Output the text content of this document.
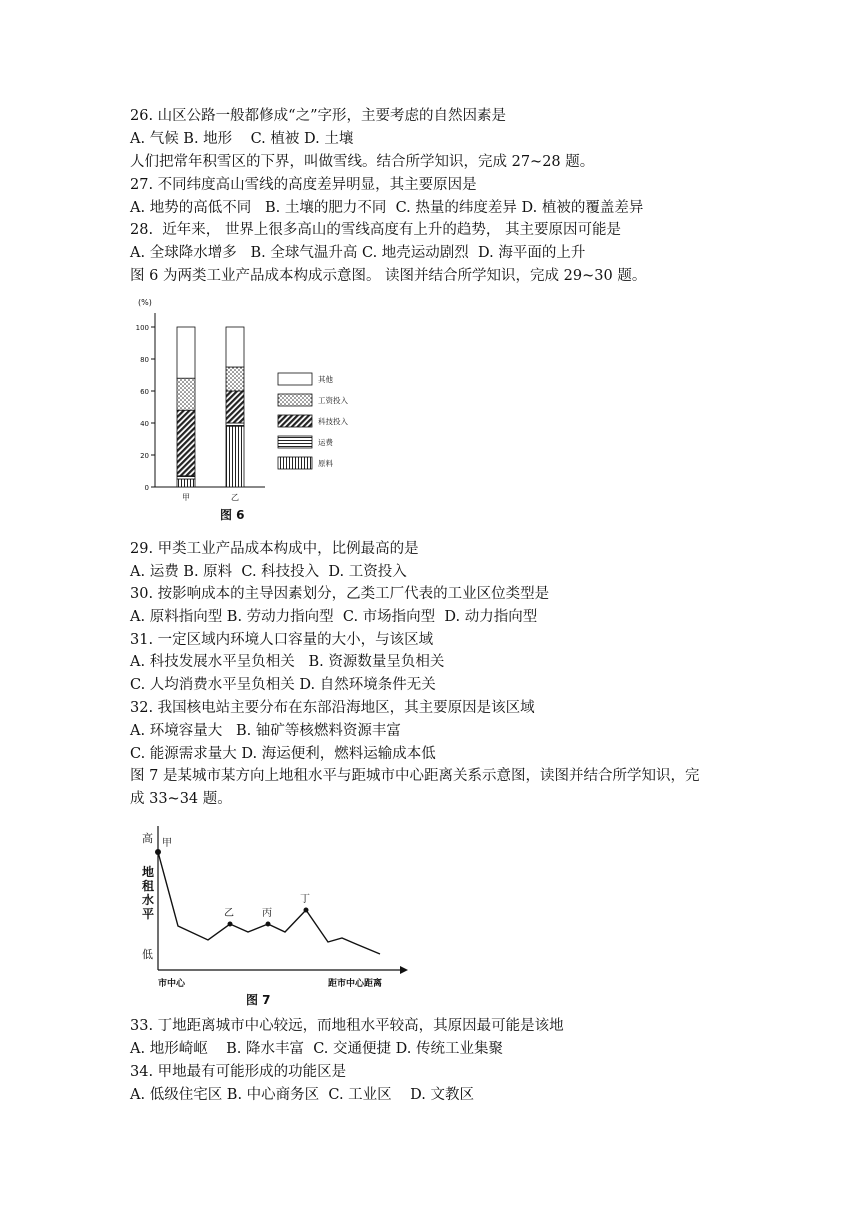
26. 山区公路一般都修成“之”字形，主要考虑的自然因素是
A. 气候 B. 地形    C. 植被 D. 土壤
人们把常年积雪区的下界，叫做雪线。结合所学知识，完成 27~28 题。
27. 不同纬度高山雪线的高度差异明显，其主要原因是
A. 地势的高低不同   B. 土壤的肥力不同  C. 热量的纬度差异 D. 植被的覆盖差异
28.  近年来， 世界上很多高山的雪线高度有上升的趋势， 其主要原因可能是
A. 全球降水增多   B. 全球气温升高 C. 地壳运动剧烈  D. 海平面的上升
图 6 为两类工业产品成本构成示意图。 读图并结合所学知识，完成 29~30 题。
(%)
0
20
40
60
80
100
甲	乙
其他
工资投入
科技投入
运费
原料
图 6
29. 甲类工业产品成本构成中，比例最高的是
A. 运费 B. 原料  C. 科技投入  D. 工资投入
30. 按影响成本的主导因素划分，乙类工厂代表的工业区位类型是
A. 原料指向型 B. 劳动力指向型  C. 市场指向型  D. 动力指向型
31. 一定区域内环境人口容量的大小，与该区域
A. 科技发展水平呈负相关   B. 资源数量呈负相关
C. 人均消费水平呈负相关 D. 自然环境条件无关
32. 我国核电站主要分布在东部沿海地区，其主要原因是该区域
A. 环境容量大   B. 铀矿等核燃料资源丰富
C. 能源需求量大 D. 海运便利，燃料运输成本低
图 7 是某城市某方向上地租水平与距城市中心距离关系示意图，读图并结合所学知识，完
成 33~34 题。
高
地租水平
低
甲
乙	丙
丁
市中心	距市中心距离
图 7
33. 丁地距离城市中心较远，而地租水平较高，其原因最可能是该地
A. 地形崎岖    B. 降水丰富  C. 交通便捷 D. 传统工业集聚
34. 甲地最有可能形成的功能区是
A. 低级住宅区 B. 中心商务区  C. 工业区    D. 文教区
